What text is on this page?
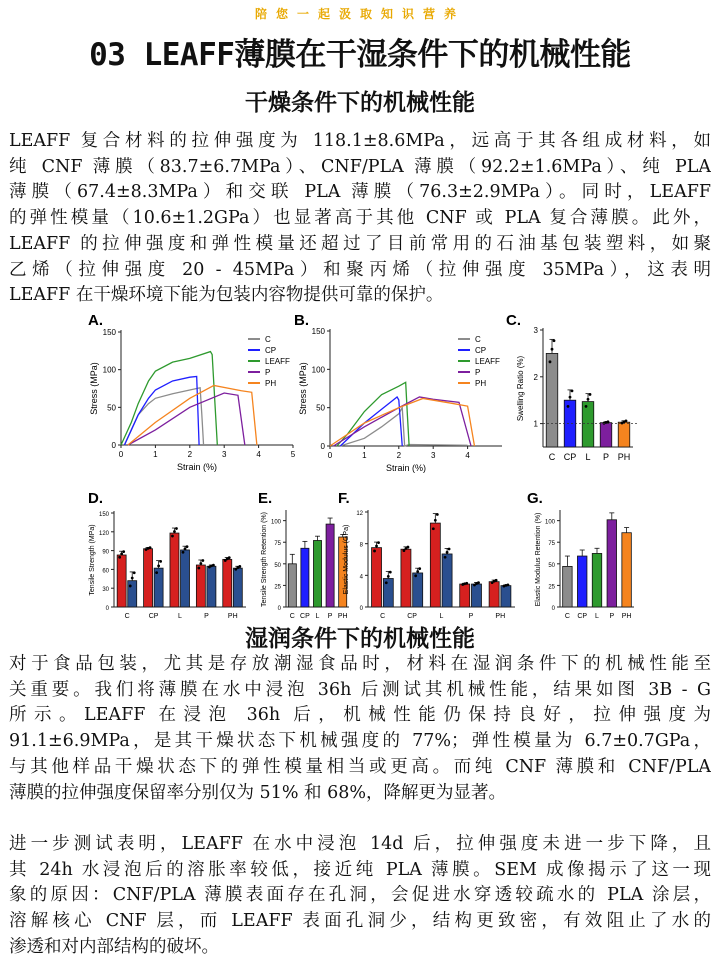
陪您一起汲取知识营养
03 LEAFF薄膜在干湿条件下的机械性能
干燥条件下的机械性能
LEAFF 复合材料的拉伸强度为 118.1±8.6MPa，远高于其各组成材料，如
纯 CNF 薄膜（83.7±6.7MPa）、CNF/PLA 薄膜（92.2±1.6MPa）、纯 PLA
薄膜（67.4±8.3MPa）和交联 PLA 薄膜（76.3±2.9MPa）。同时，LEAFF
的弹性模量（10.6±1.2GPa）也显著高于其他 CNF 或 PLA 复合薄膜。此外，
LEAFF 的拉伸强度和弹性模量还超过了目前常用的石油基包装塑料，如聚
乙烯（拉伸强度 20 - 45MPa）和聚丙烯（拉伸强度 35MPa），这表明
LEAFF 在干燥环境下能为包装内容物提供可靠的保护。
A.
0
50
100
150
Stress (MPa)
0	1	2	3	4	5
Strain (%)
C
CP
LEAFF
P
PH
B.
0
50
100
150
Stress (MPa)
0	1	2	3	4
Strain (%)
C
CP
LEAFF
P
PH
C.
1
2
3
Swelling Ratio (%)
C CP L P PH
D.
0
30
60
90
120
150
Tensile Strength (MPa)
C	CP	L	P	PH
E.
0
25
50
75
100
Tensile Strength Retention (%)
C CP L P PH
F.
0
4
8
12
Elastic Modulus (GPa)
C	CP	L	P	PH
G.
0
25
50
75
100
Elastic Modulus Retention (%)
C CP L P PH
湿润条件下的机械性能
对于食品包装，尤其是存放潮湿食品时，材料在湿润条件下的机械性能至
关重要。我们将薄膜在水中浸泡 36h 后测试其机械性能，结果如图 3B - G
所示。LEAFF 在浸泡 36h 后，机械性能仍保持良好，拉伸强度为
91.1±6.9MPa，是其干燥状态下机械强度的 77%；弹性模量为 6.7±0.7GPa，
与其他样品干燥状态下的弹性模量相当或更高。而纯 CNF 薄膜和 CNF/PLA
薄膜的拉伸强度保留率分别仅为 51% 和 68%，降解更为显著。
进一步测试表明，LEAFF 在水中浸泡 14d 后，拉伸强度未进一步下降，且
其 24h 水浸泡后的溶胀率较低，接近纯 PLA 薄膜。SEM 成像揭示了这一现
象的原因：CNF/PLA 薄膜表面存在孔洞，会促进水穿透较疏水的 PLA 涂层，
溶解核心 CNF 层，而 LEAFF 表面孔洞少，结构更致密，有效阻止了水的
渗透和对内部结构的破坏。
